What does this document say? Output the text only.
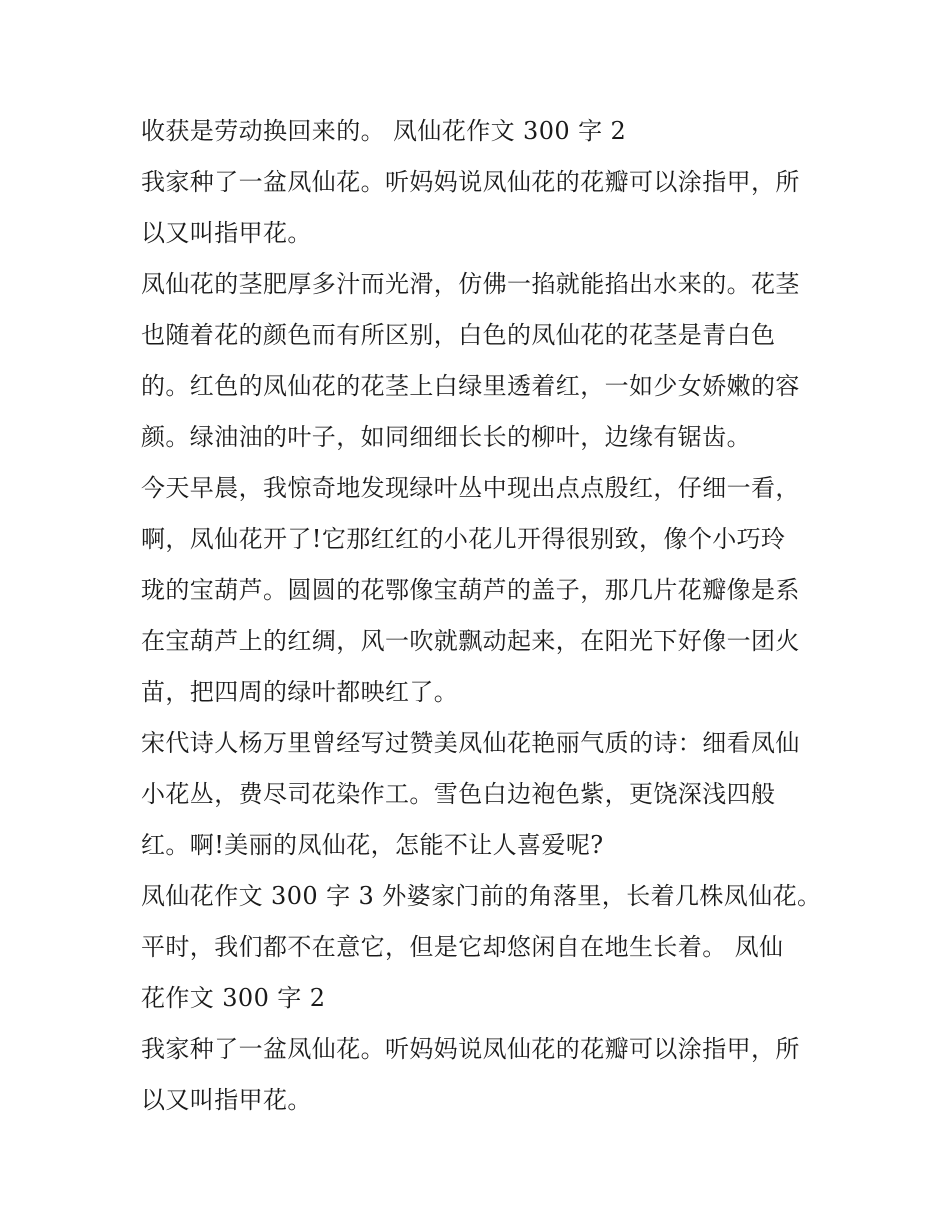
收获是劳动换回来的。 凤仙花作文 300 字 2
我家种了一盆凤仙花。听妈妈说凤仙花的花瓣可以涂指甲，所
以又叫指甲花。
凤仙花的茎肥厚多汁而光滑，仿佛一掐就能掐出水来的。花茎
也随着花的颜色而有所区别，白色的凤仙花的花茎是青白色
的。红色的凤仙花的花茎上白绿里透着红，一如少女娇嫩的容
颜。绿油油的叶子，如同细细长长的柳叶，边缘有锯齿。
今天早晨，我惊奇地发现绿叶丛中现出点点殷红，仔细一看，
啊，凤仙花开了!它那红红的小花儿开得很别致，像个小巧玲
珑的宝葫芦。圆圆的花鄂像宝葫芦的盖子，那几片花瓣像是系
在宝葫芦上的红绸，风一吹就飘动起来，在阳光下好像一团火
苗，把四周的绿叶都映红了。
宋代诗人杨万里曾经写过赞美凤仙花艳丽气质的诗：细看凤仙
小花丛，费尽司花染作工。雪色白边袍色紫，更饶深浅四般
红。啊!美丽的凤仙花，怎能不让人喜爱呢?
凤仙花作文 300 字 3 外婆家门前的角落里，长着几株凤仙花。
平时，我们都不在意它，但是它却悠闲自在地生长着。 凤仙
花作文 300 字 2
我家种了一盆凤仙花。听妈妈说凤仙花的花瓣可以涂指甲，所
以又叫指甲花。
